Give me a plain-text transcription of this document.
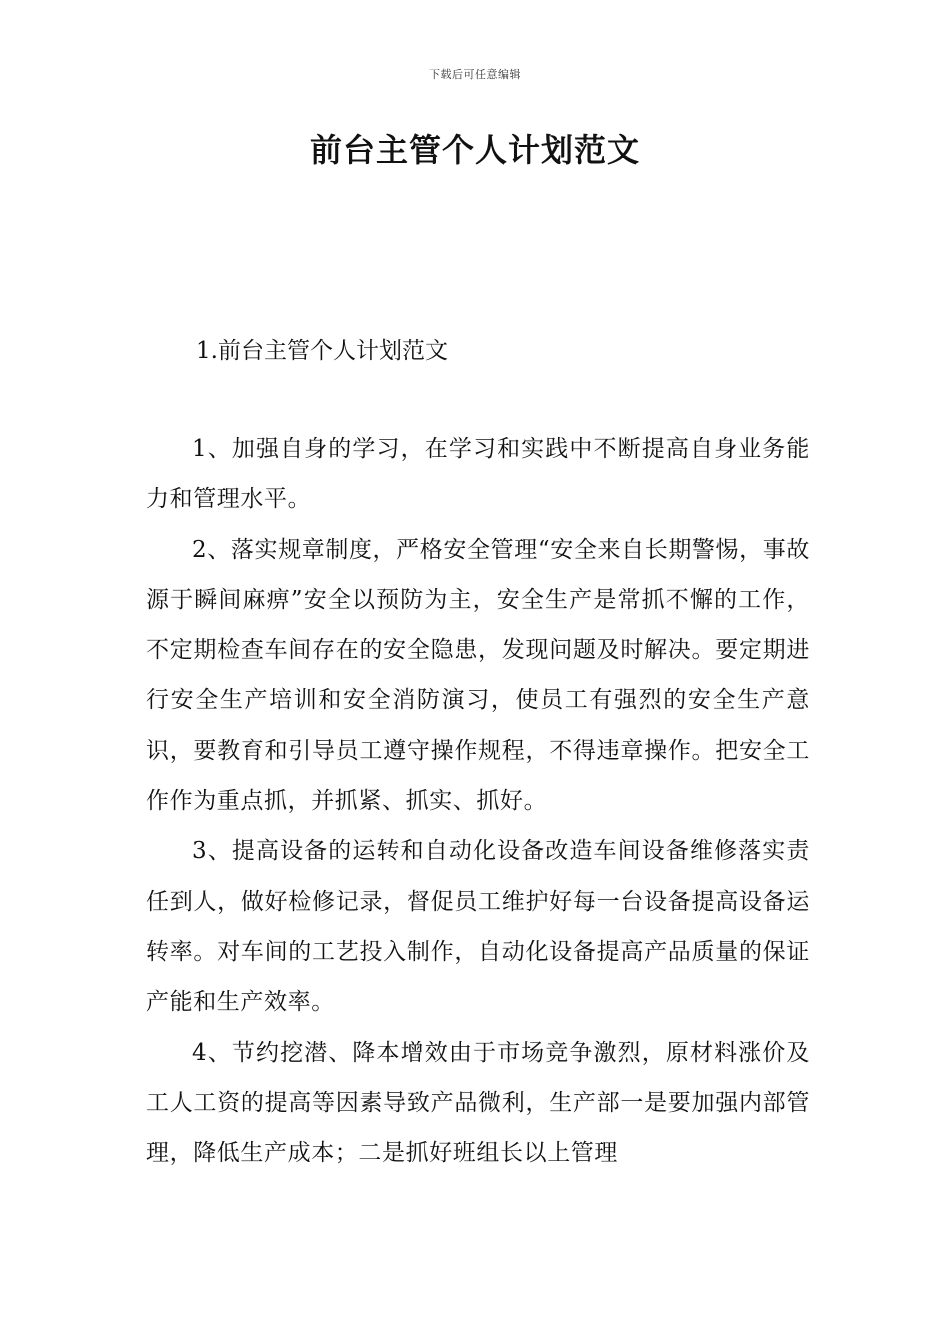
下载后可任意编辑
前台主管个人计划范文
1.前台主管个人计划范文

1、加强自身的学习，在学习和实践中不断提高自身业务能力和管理水平。

2、落实规章制度，严格安全管理“安全来自长期警惕，事故源于瞬间麻痹”安全以预防为主，安全生产是常抓不懈的工作，不定期检查车间存在的安全隐患，发现问题及时解决。要定期进行安全生产培训和安全消防演习，使员工有强烈的安全生产意识，要教育和引导员工遵守操作规程，不得违章操作。把安全工作作为重点抓，并抓紧、抓实、抓好。

3、提高设备的运转和自动化设备改造车间设备维修落实责任到人，做好检修记录，督促员工维护好每一台设备提高设备运转率。对车间的工艺投入制作，自动化设备提高产品质量的保证产能和生产效率。

4、节约挖潜、降本增效由于市场竞争激烈，原材料涨价及工人工资的提高等因素导致产品微利，生产部一是要加强内部管理，降低生产成本；二是抓好班组长以上管理
